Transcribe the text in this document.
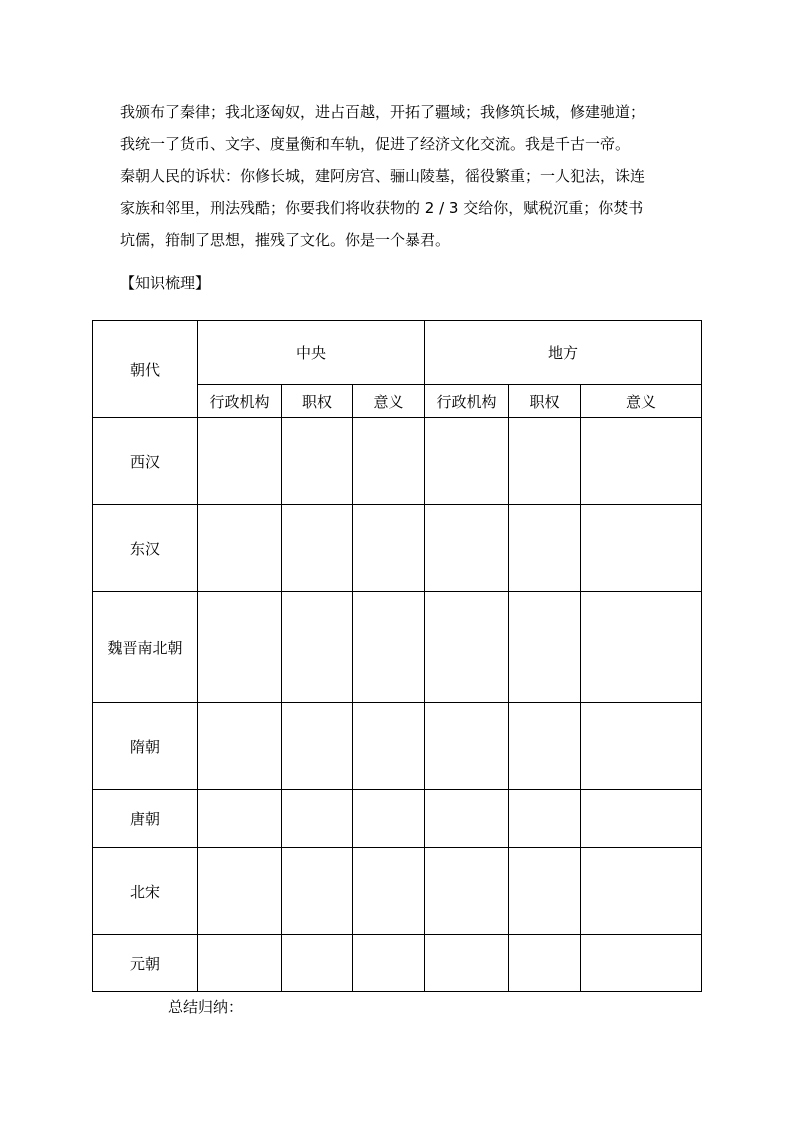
我颁布了秦律；我北逐匈奴，进占百越，开拓了疆域；我修筑长城，修建驰道；
我统一了货币、文字、度量衡和车轨，促进了经济文化交流。我是千古一帝。
秦朝人民的诉状：你修长城，建阿房宫、骊山陵墓，徭役繁重；一人犯法，诛连
家族和邻里，刑法残酷；你要我们将收获物的 2 / 3 交给你，赋税沉重；你焚书
坑儒，箝制了思想，摧残了文化。你是一个暴君。
【知识梳理】
朝代	中央			地方		
	行政机构	职权	意义	行政机构	职权	意义
西汉						
东汉						
魏晋南北朝						
隋朝						
唐朝						
北宋						
元朝						
总结归纳：
